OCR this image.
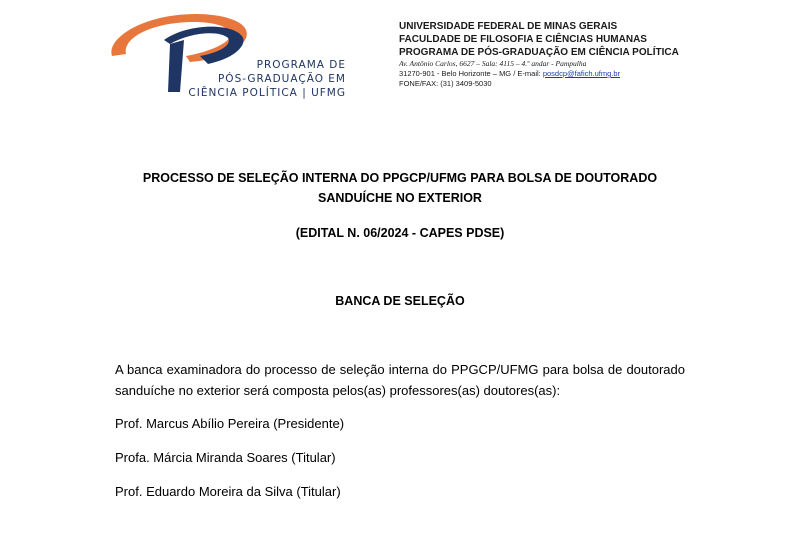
PROGRAMA DE
PÓS-GRADUAÇÃO EM
CIÊNCIA POLÍTICA | UFMG
UNIVERSIDADE FEDERAL DE MINAS GERAIS
FACULDADE DE FILOSOFIA E CIÊNCIAS HUMANAS
PROGRAMA DE PÓS-GRADUAÇÃO EM CIÊNCIA POLÍTICA
Av. Antônio Carlos, 6627 – Sala: 4115 – 4.º andar - Pampulha
31270-901 - Belo Horizonte – MG / E-mail: posdcp@fafich.ufmg.br
FONE/FAX: (31) 3409-5030
PROCESSO DE SELEÇÃO INTERNA DO PPGCP/UFMG PARA BOLSA DE DOUTORADO
SANDUÍCHE NO EXTERIOR
(EDITAL N. 06/2024 - CAPES PDSE)
BANCA DE SELEÇÃO
A banca examinadora do processo de seleção interna do PPGCP/UFMG para bolsa de doutorado sanduíche no exterior será composta pelos(as) professores(as) doutores(as):
Prof. Marcus Abílio Pereira (Presidente)
Profa. Márcia Miranda Soares (Titular)
Prof. Eduardo Moreira da Silva (Titular)
